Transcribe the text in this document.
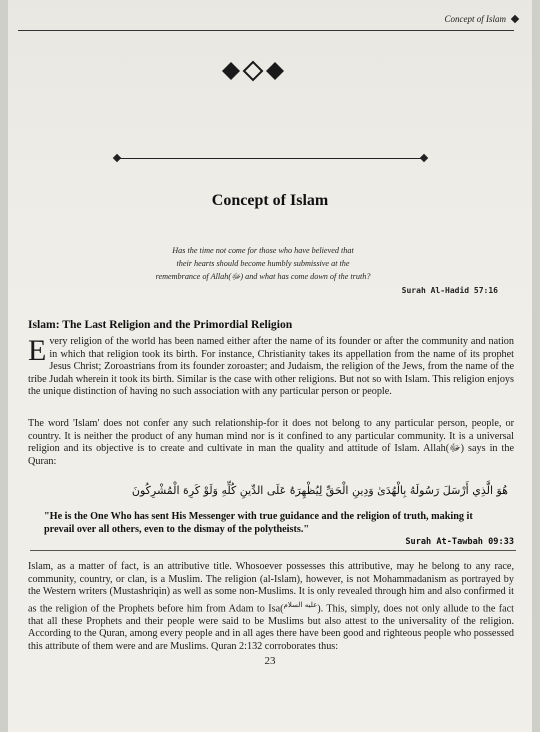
Concept of Islam
Concept of Islam
Has the time not come for those who have believed that
their hearts should become humbly submissive at the
remembrance of Allah(ﷻ) and what has come down of the truth?
Surah Al-Hadid 57:16
Islam: The Last Religion and the Primordial Religion

Every religion of the world has been named either after the name of its founder or after the community and nation in which that religion took its birth. For instance, Christianity takes its appellation from the name of its prophet Jesus Christ; Zoroastrians from its founder zoroaster; and Judaism, the religion of the Jews, from the name of the tribe Judah wherein it took its birth. Similar is the case with other religions. But not so with Islam. This religion enjoys the unique distinction of having no such association with any particular person or people.

The word 'Islam' does not confer any such relationship-for it does not belong to any particular person, people, or country. It is neither the product of any human mind nor is it confined to any particular community. It is a universal religion and its objective is to create and cultivate in man the quality and attitude of Islam. Allah(ﷻ) says in the Quran:

هُوَ الَّذِي أَرْسَلَ رَسُولَهُ بِالْهُدَىٰ وَدِينِ الْحَقِّ لِيُظْهِرَهُ عَلَى الدِّينِ كُلِّهِ وَلَوْ كَرِهَ الْمُشْرِكُونَ
"He is the One Who has sent His Messenger with true guidance and the religion of truth, making it prevail over all others, even to the dismay of the polytheists."
Surah At-Tawbah 09:33

Islam, as a matter of fact, is an attributive title. Whosoever possesses this attributive, may he belong to any race, community, country, or clan, is a Muslim. The religion (al-Islam), however, is not Mohammadanism as portrayed by the Western writers (Mustashriqin) as well as some non-Muslims. It is only revealed through him and also confirmed it as the religion of the Prophets before him from Adam to Isa($^{عليه السلام}$). This, simply, does not only allude to the fact that all these Prophets and their people were said to be Muslims but also attest to the universality of the religion. According to the Quran, among every people and in all ages there have been good and righteous people who possessed this attribute of them were and are Muslims. Quran 2:132 corroborates thus:

23
